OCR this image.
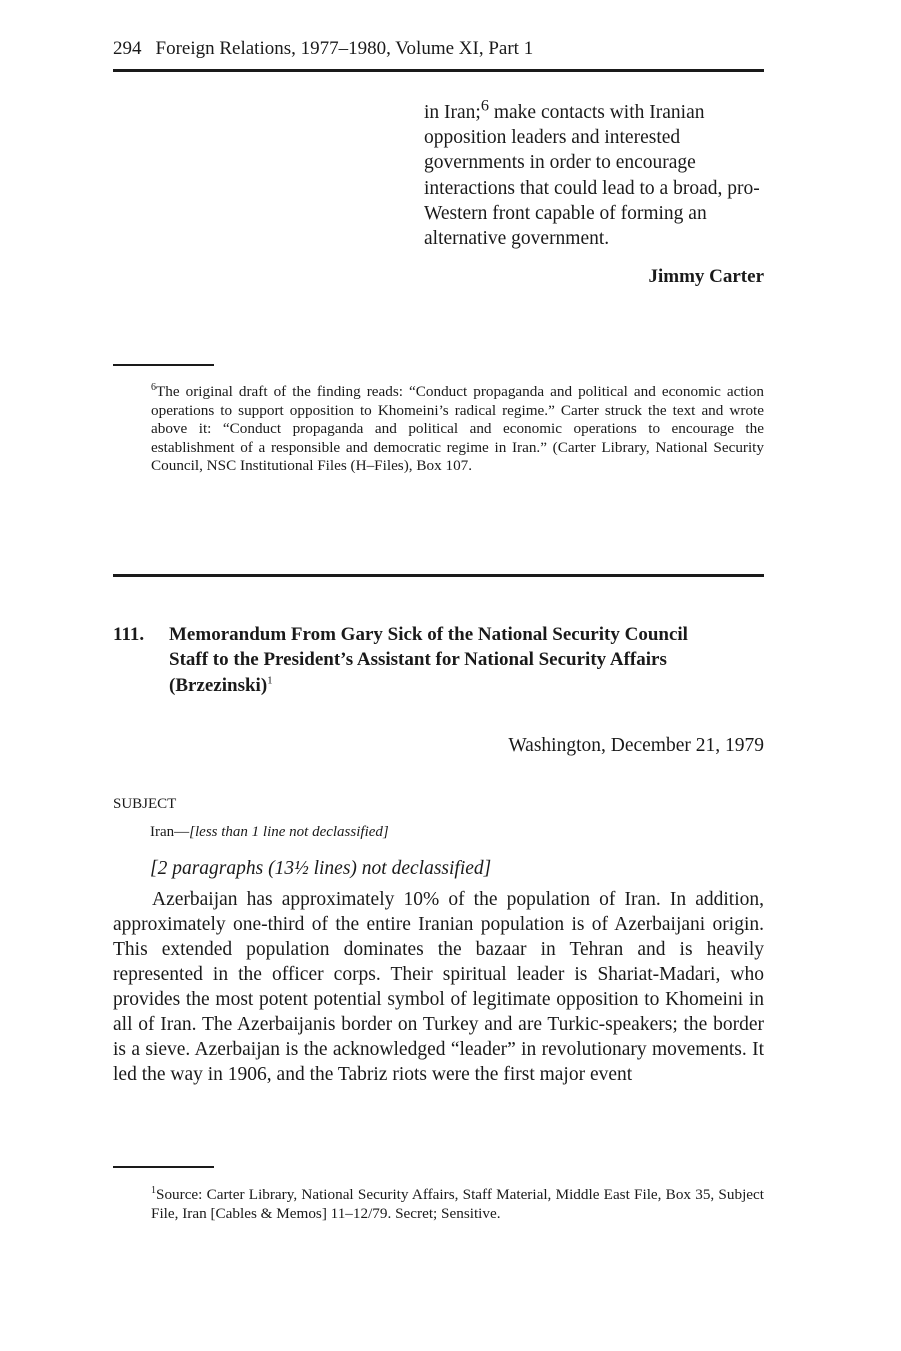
294 Foreign Relations, 1977–1980, Volume XI, Part 1
in Iran;$^6$ make contacts with Iranian opposition leaders and interested governments in order to encourage interactions that could lead to a broad, pro-Western front capable of forming an alternative government.
Jimmy Carter
$^6$The original draft of the finding reads: “Conduct propaganda and political and economic action operations to support opposition to Khomeini’s radical regime.” Carter struck the text and wrote above it: “Conduct propaganda and political and economic operations to encourage the establishment of a responsible and democratic regime in Iran.” (Carter Library, National Security Council, NSC Institutional Files (H–Files), Box 107.
111. Memorandum From Gary Sick of the National Security Council Staff to the President’s Assistant for National Security Affairs (Brzezinski)$^1$
Washington, December 21, 1979
SUBJECT
Iran—[less than 1 line not declassified]
[2 paragraphs (13½ lines) not declassified]
Azerbaijan has approximately 10% of the population of Iran. In addition, approximately one-third of the entire Iranian population is of Azerbaijani origin. This extended population dominates the bazaar in Tehran and is heavily represented in the officer corps. Their spiritual leader is Shariat-Madari, who provides the most potent potential symbol of legitimate opposition to Khomeini in all of Iran. The Azerbaijanis border on Turkey and are Turkic-speakers; the border is a sieve. Azerbaijan is the acknowledged “leader” in revolutionary movements. It led the way in 1906, and the Tabriz riots were the first major event
$^1$Source: Carter Library, National Security Affairs, Staff Material, Middle East File, Box 35, Subject File, Iran [Cables & Memos] 11–12/79. Secret; Sensitive.
